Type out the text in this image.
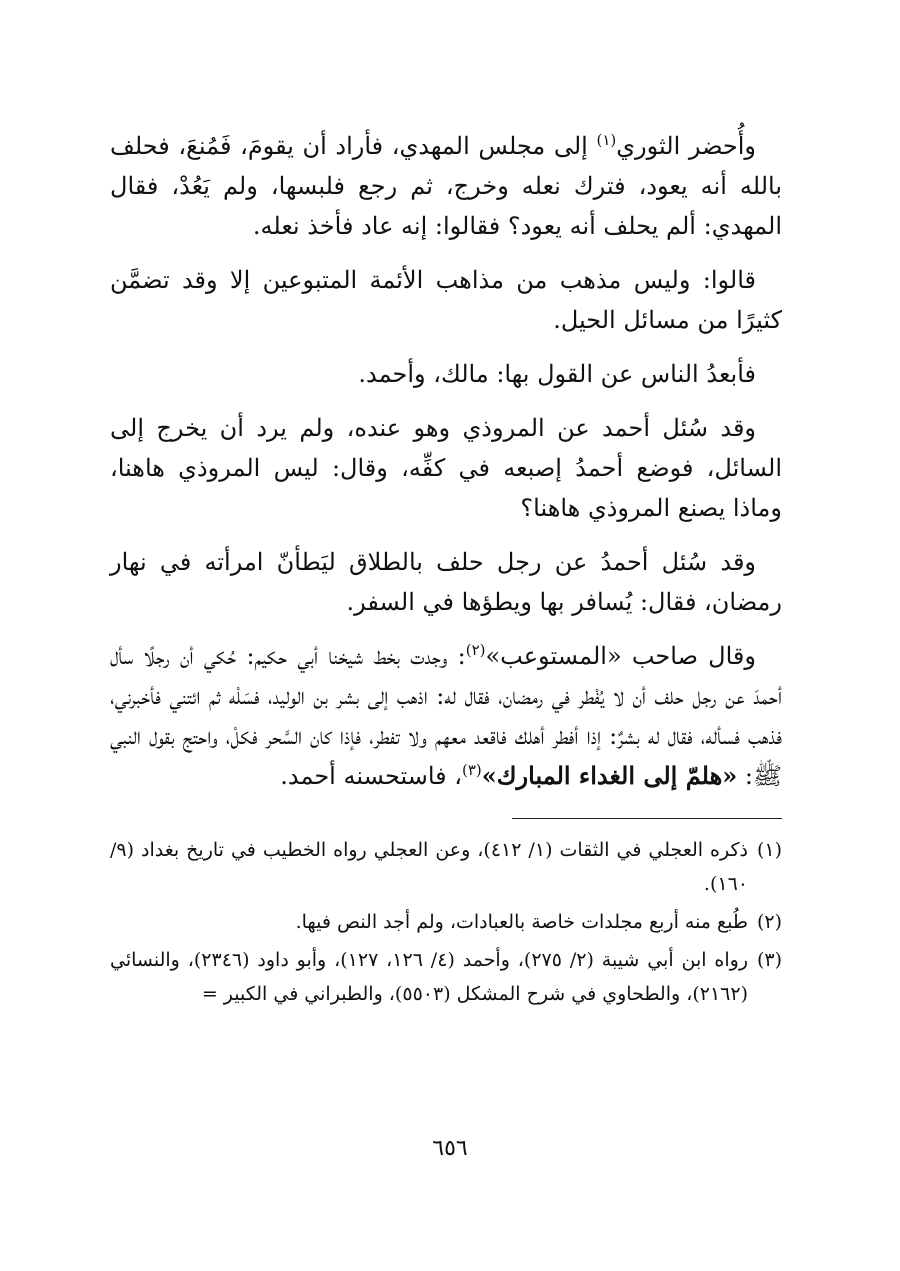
وأُحضر الثوري$^{(١)}$ إلى مجلس المهدي، فأراد أن يقومَ، فَمُنعَ، فحلف بالله أنه يعود، فترك نعله وخرج، ثم رجع فلبسها، ولم يَعُدْ، فقال المهدي: ألم يحلف أنه يعود؟ فقالوا: إنه عاد فأخذ نعله.

قالوا: وليس مذهب من مذاهب الأئمة المتبوعين إلا وقد تضمَّن كثيرًا من مسائل الحيل.

فأبعدُ الناس عن القول بها: مالك، وأحمد.

وقد سُئل أحمد عن المروذي وهو عنده، ولم يرد أن يخرج إلى السائل، فوضع أحمدُ إصبعه في كفِّه، وقال: ليس المروذي هاهنا، وماذا يصنع المروذي هاهنا؟

وقد سُئل أحمدُ عن رجل حلف بالطلاق ليَطأنّ امرأته في نهار رمضان، فقال: يُسافر بها ويطؤها في السفر.

وقال صاحب «المستوعب»$^{(٢)}$: وجدت بخط شيخنا أبي حكيم: حُكي أن رجلًا سأل أحمدَ عن رجل حلف أن لا يُفْطر في رمضان، فقال له: اذهب إلى بشر بن الوليد، فسَلْه ثم ائتني فأخبرني، فذهب فسأله، فقال له بشرٌ: إذا أفطر أهلك فاقعد معهم ولا تفطر، فإذا كان السَّحر فكلْ، واحتج بقول النبي ﷺ: «هلمّ إلى الغداء المبارك»$^{(٣)}$، فاستحسنه أحمد.

(١)
ذكره العجلي في الثقات (١/ ٤١٢)، وعن العجلي رواه الخطيب في تاريخ بغداد (٩/ ١٦٠).
(٢)
طُبع منه أربع مجلدات خاصة بالعبادات، ولم أجد النص فيها.
(٣)
رواه ابن أبي شيبة (٢/ ٢٧٥)، وأحمد (٤/ ١٢٦، ١٢٧)، وأبو داود (٢٣٤٦)، والنسائي (٢١٦٢)، والطحاوي في شرح المشكل (٥٥٠٣)، والطبراني في الكبير =
٦٥٦
